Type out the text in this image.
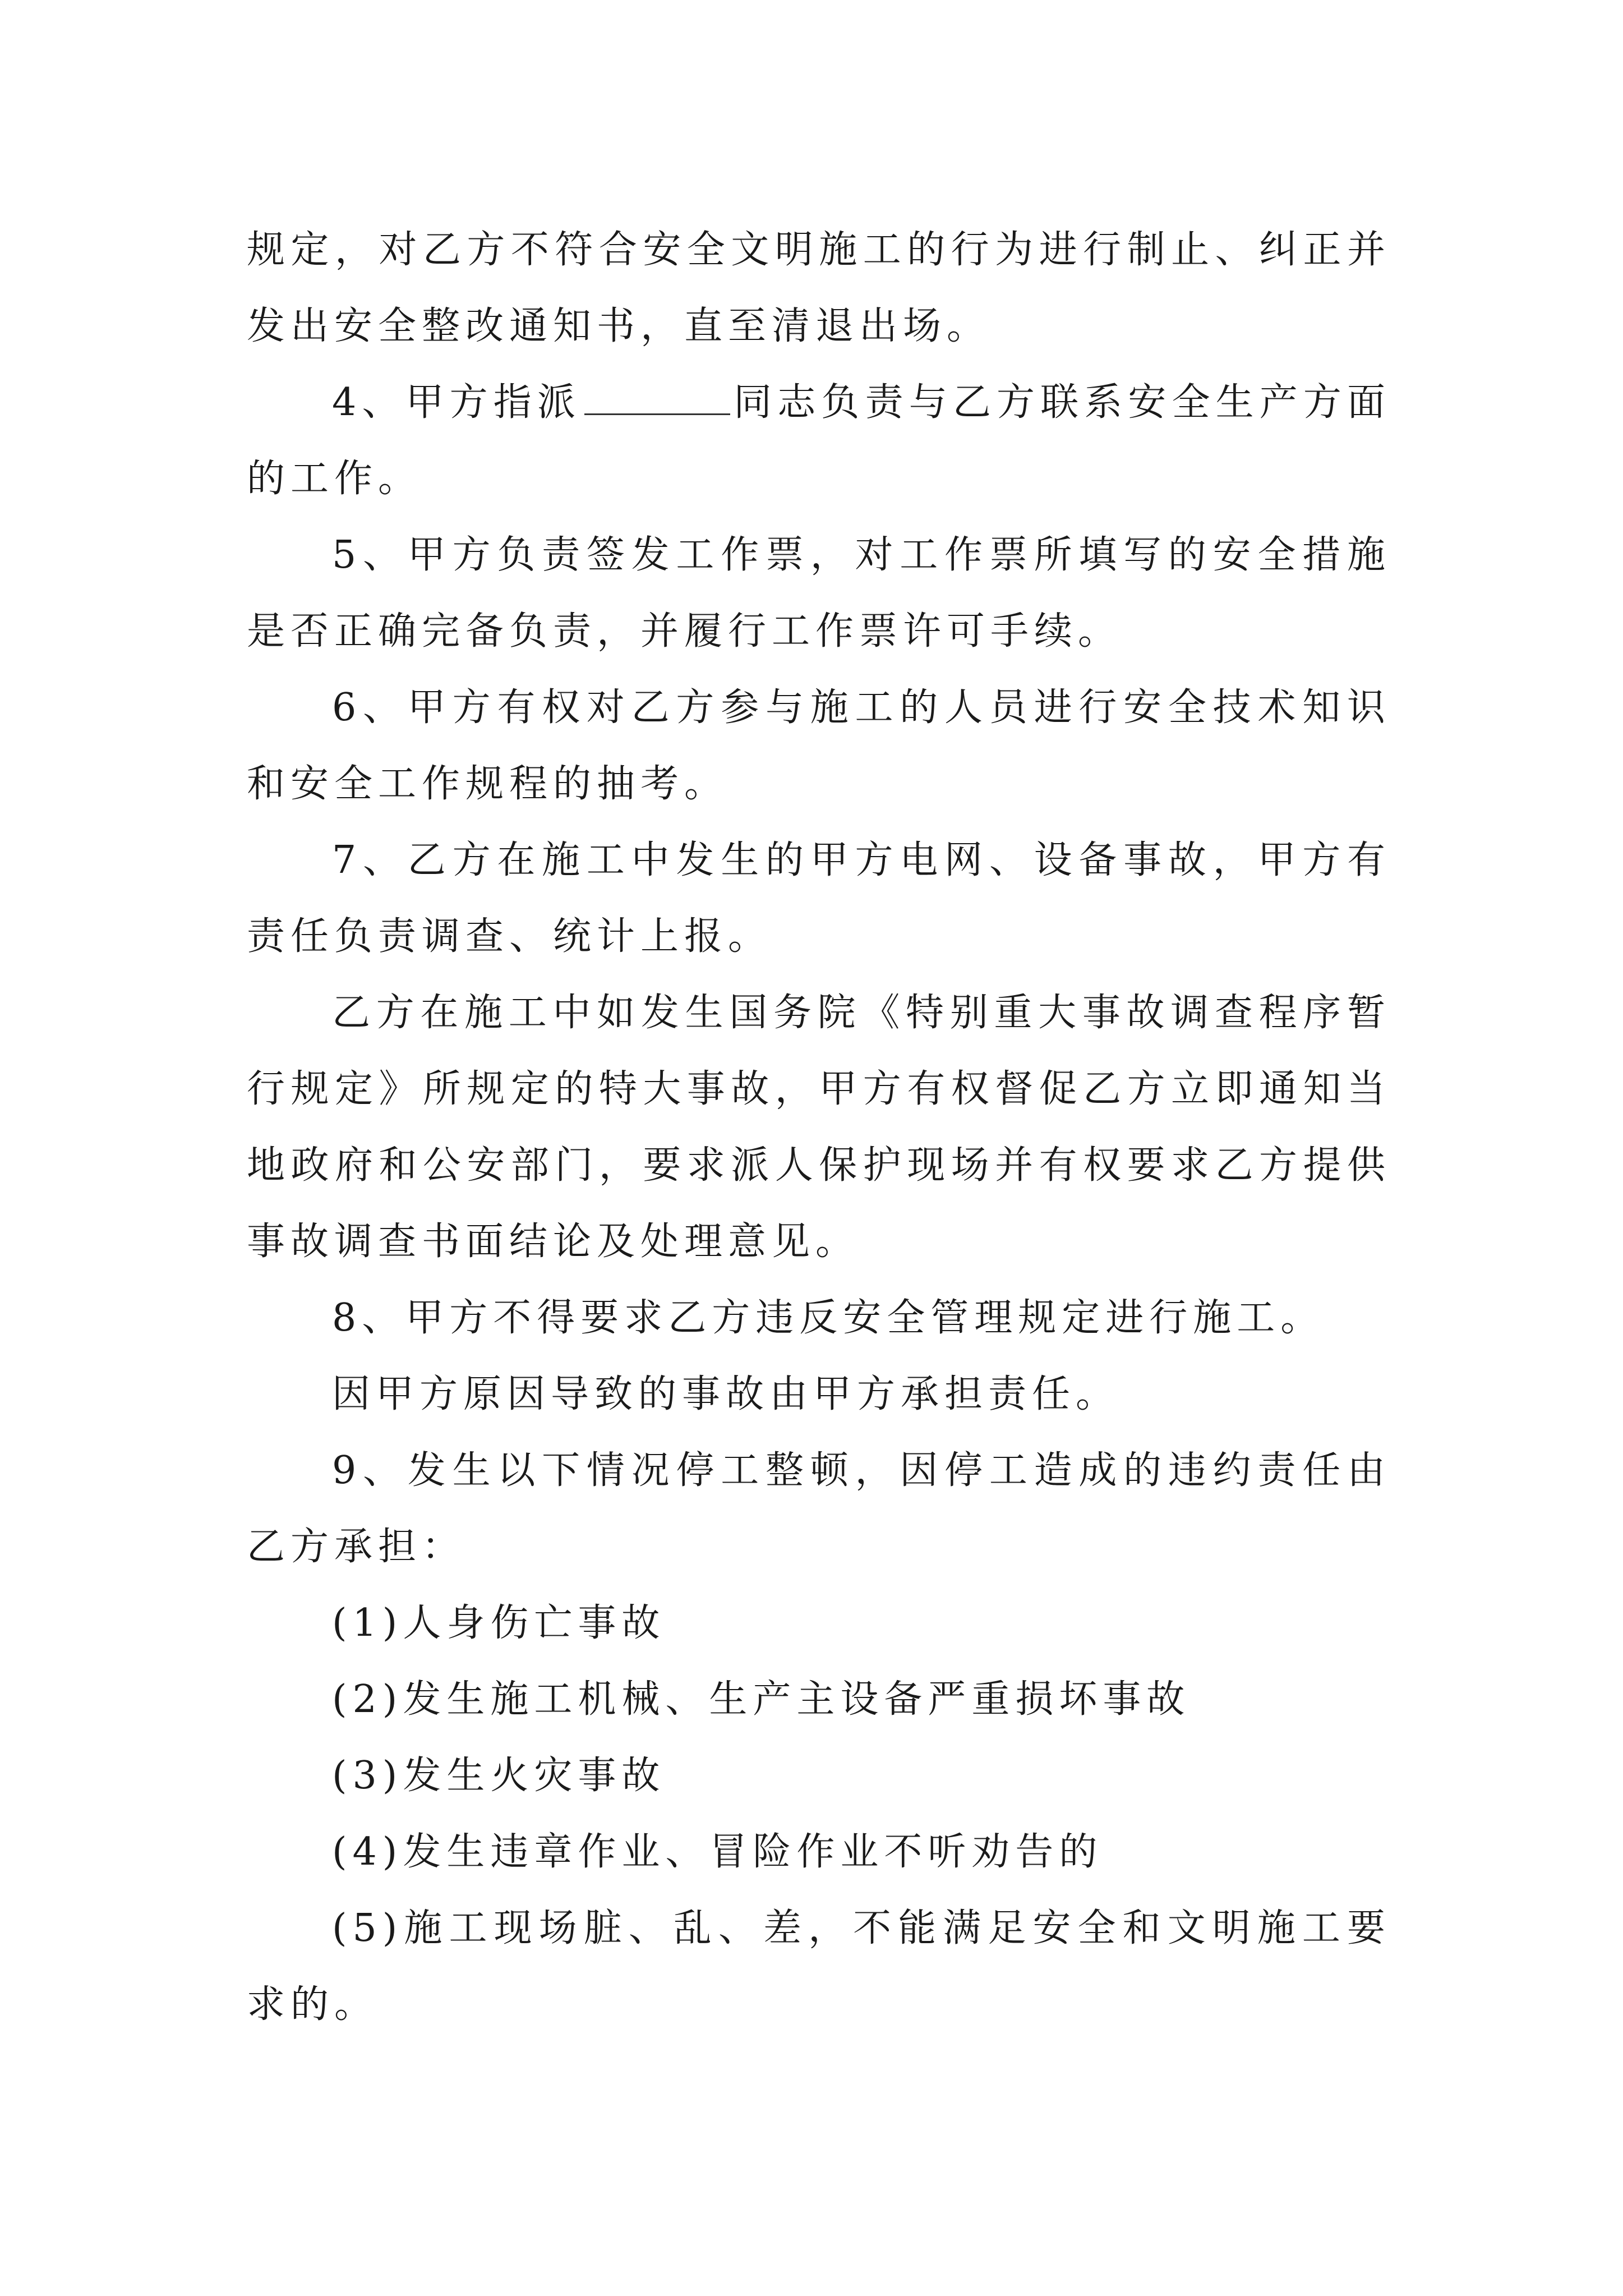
规定，对乙方不符合安全文明施工的行为进行制止、纠正并发出安全整改通知书，直至清退出场。

4、甲方指派	同志负责与乙方联系安全生产方面的工作。

5、甲方负责签发工作票，对工作票所填写的安全措施是否正确完备负责，并履行工作票许可手续。

6、甲方有权对乙方参与施工的人员进行安全技术知识和安全工作规程的抽考。

7、乙方在施工中发生的甲方电网、设备事故，甲方有责任负责调查、统计上报。

乙方在施工中如发生国务院《特别重大事故调查程序暂行规定》所规定的特大事故，甲方有权督促乙方立即通知当地政府和公安部门，要求派人保护现场并有权要求乙方提供事故调查书面结论及处理意见。

8、甲方不得要求乙方违反安全管理规定进行施工。

因甲方原因导致的事故由甲方承担责任。

9、发生以下情况停工整顿，因停工造成的违约责任由乙方承担：

(1)人身伤亡事故

(2)发生施工机械、生产主设备严重损坏事故

(3)发生火灾事故

(4)发生违章作业、冒险作业不听劝告的

(5)施工现场脏、乱、差，不能满足安全和文明施工要求的。
